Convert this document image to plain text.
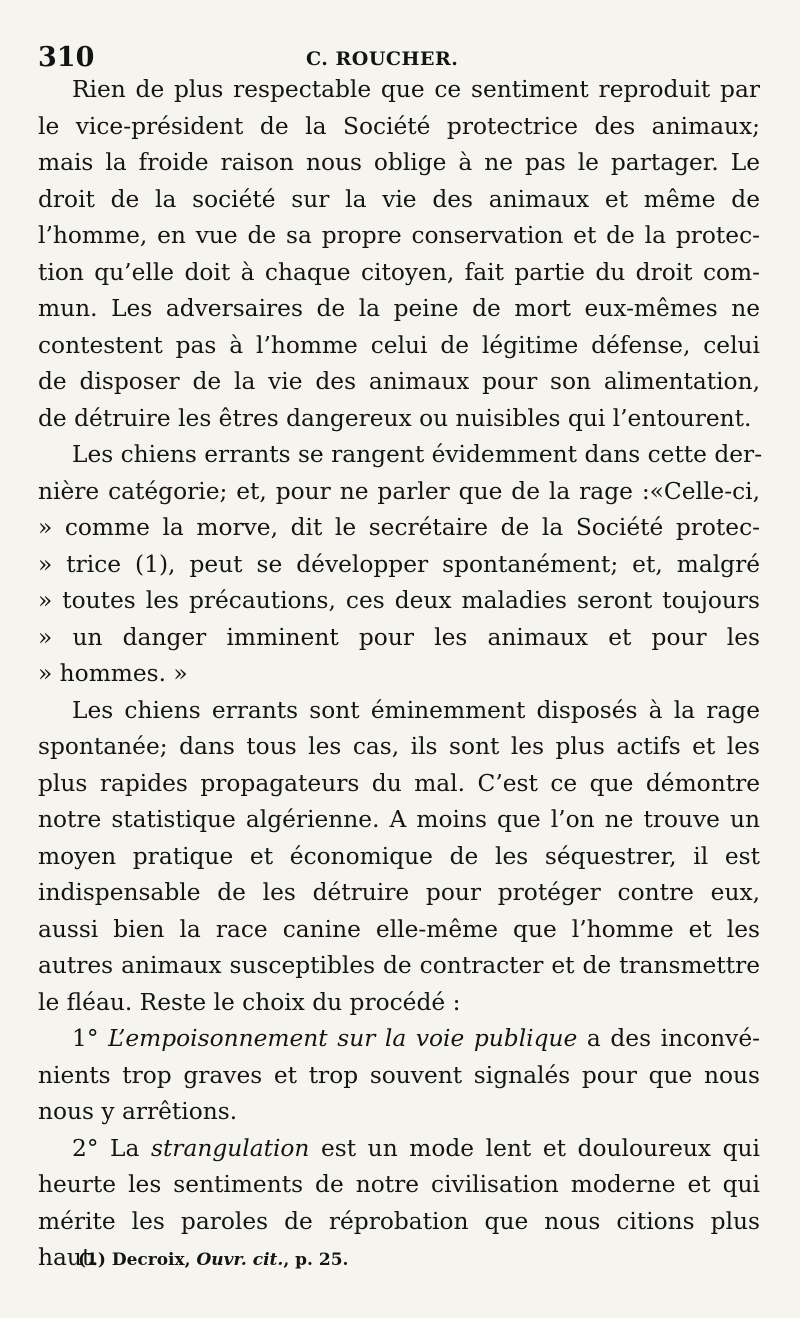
310	C. ROUCHER.
Rien de plus respectable que ce sentiment reproduit par
le vice-président de la Société protectrice des animaux;
mais la froide raison nous oblige à ne pas le partager. Le
droit de la société sur la vie des animaux et même de
l’homme, en vue de sa propre conservation et de la protec-
tion qu’elle doit à chaque citoyen, fait partie du droit com-
mun. Les adversaires de la peine de mort eux-mêmes ne
contestent pas à l’homme celui de légitime défense, celui
de disposer de la vie des animaux pour son alimentation,
de détruire les êtres dangereux ou nuisibles qui l’entourent.
Les chiens errants se rangent évidemment dans cette der-
nière catégorie; et, pour ne parler que de la rage :«Celle-ci,
» comme la morve, dit le secrétaire de la Société protec-
» trice (1), peut se développer spontanément; et, malgré
» toutes les précautions, ces deux maladies seront toujours
» un danger imminent pour les animaux et pour les
» hommes. »
Les chiens errants sont éminemment disposés à la rage
spontanée; dans tous les cas, ils sont les plus actifs et les
plus rapides propagateurs du mal. C’est ce que démontre
notre statistique algérienne. A moins que l’on ne trouve un
moyen pratique et économique de les séquestrer, il est
indispensable de les détruire pour protéger contre eux,
aussi bien la race canine elle-même que l’homme et les
autres animaux susceptibles de contracter et de transmettre
le fléau. Reste le choix du procédé :
1° L’empoisonnement sur la voie publique a des inconvé-
nients trop graves et trop souvent signalés pour que nous
nous y arrêtions.
2° La strangulation est un mode lent et douloureux qui
heurte les sentiments de notre civilisation moderne et qui
mérite les paroles de réprobation que nous citions plus
haut.
(1) Decroix, Ouvr. cit., p. 25.
